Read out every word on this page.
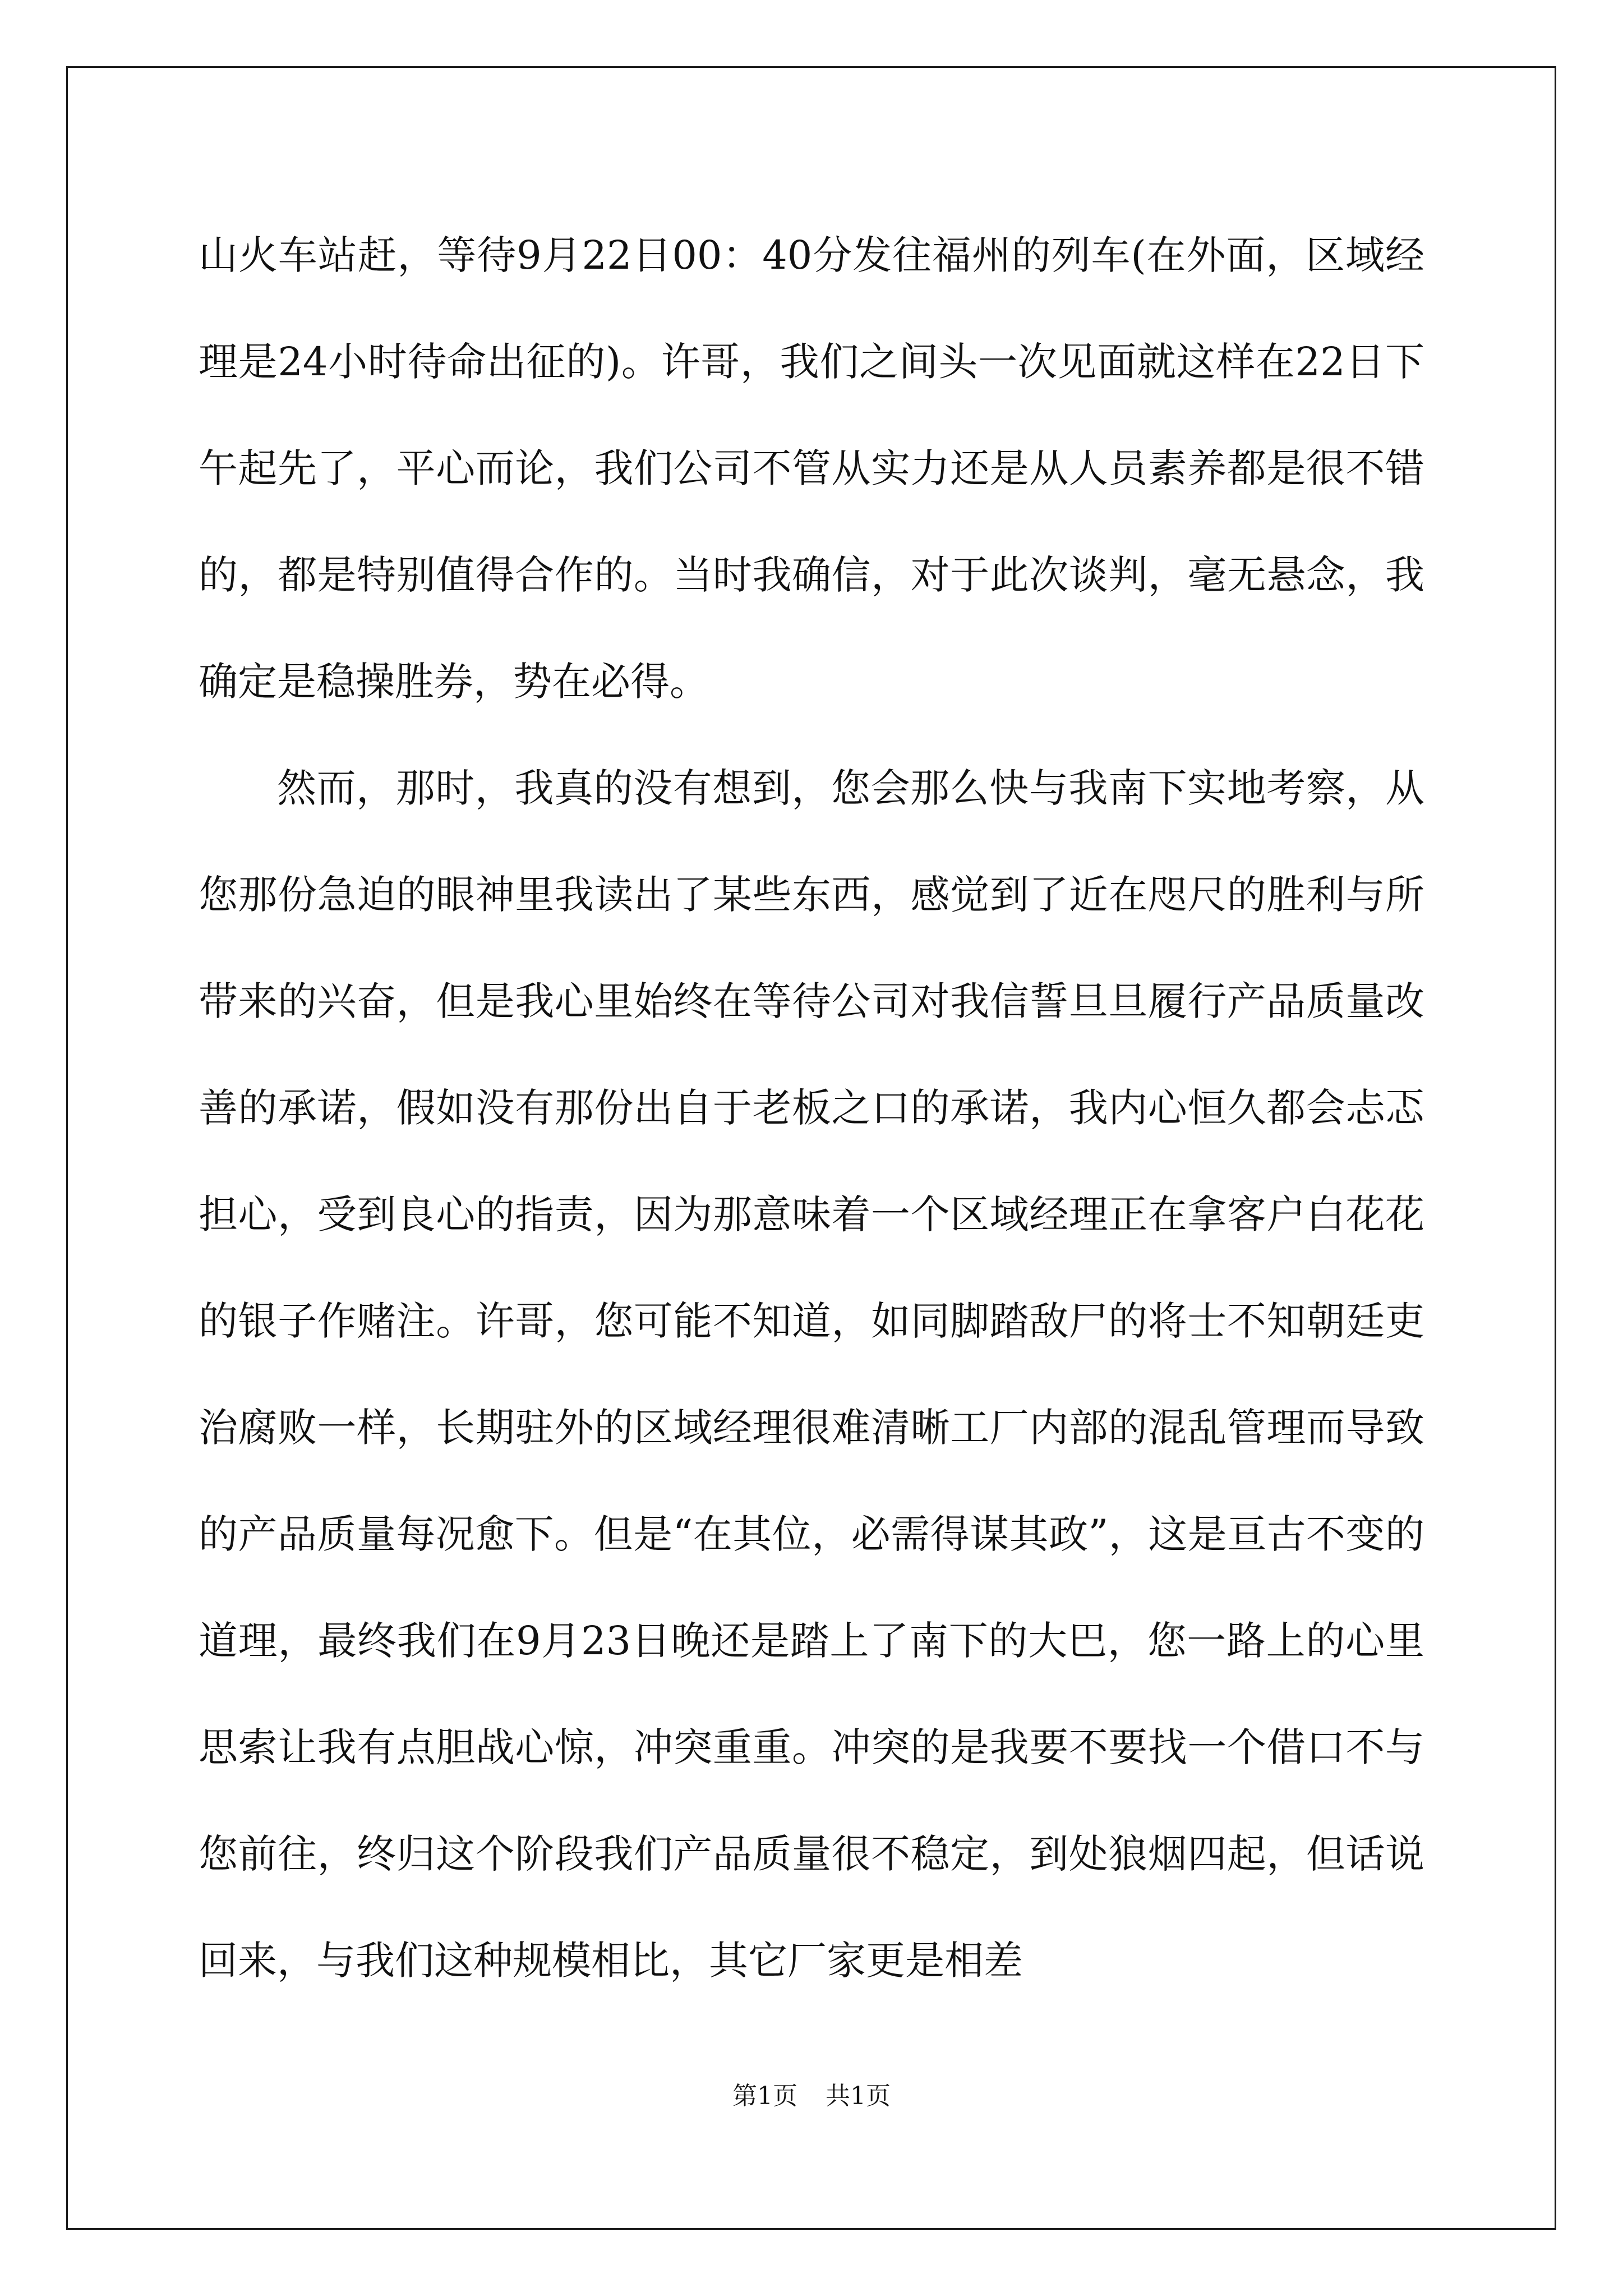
山火车站赶，等待9月22日00：40分发往福州的列车(在外面，区域经理是24小时待命出征的)。许哥，我们之间头一次见面就这样在22日下午起先了，平心而论，我们公司不管从实力还是从人员素养都是很不错的，都是特别值得合作的。当时我确信，对于此次谈判，毫无悬念，我确定是稳操胜券，势在必得。

然而，那时，我真的没有想到，您会那么快与我南下实地考察，从您那份急迫的眼神里我读出了某些东西，感觉到了近在咫尺的胜利与所带来的兴奋，但是我心里始终在等待公司对我信誓旦旦履行产品质量改善的承诺，假如没有那份出自于老板之口的承诺，我内心恒久都会忐忑担心，受到良心的指责，因为那意味着一个区域经理正在拿客户白花花的银子作赌注。许哥，您可能不知道，如同脚踏敌尸的将士不知朝廷吏治腐败一样，长期驻外的区域经理很难清晰工厂内部的混乱管理而导致的产品质量每况愈下。但是“在其位，必需得谋其政”，这是亘古不变的道理，最终我们在9月23日晚还是踏上了南下的大巴，您一路上的心里思索让我有点胆战心惊，冲突重重。冲突的是我要不要找一个借口不与您前往，终归这个阶段我们产品质量很不稳定，到处狼烟四起，但话说回来，与我们这种规模相比，其它厂家更是相差

第1页 共1页
